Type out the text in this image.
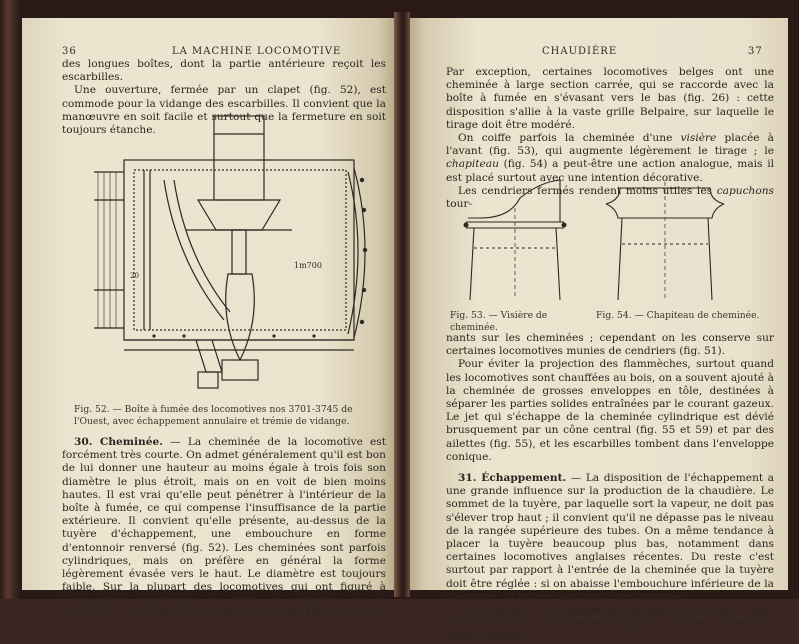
36	LA MACHINE LOCOMOTIVE

des longues boîtes, dont la partie antérieure reçoit les escarbilles.

Une ouverture, fermée par un clapet (fig. 52), est commode pour la vidange des escarbilles. Il convient que la manœuvre en soit facile et surtout que la fermeture en soit toujours étanche.

1m700
20
Fig. 52. — Boîte à fumée des locomotives nos 3701-3745 de l'Ouest, avec échappement annulaire et trémie de vidange.

30. Cheminée. — La cheminée de la locomotive est forcément très courte. On admet généralement qu'il est bon de lui donner une hauteur au moins égale à trois fois son diamètre le plus étroit, mais on en voit de bien moins hautes. Il est vrai qu'elle peut pénétrer à l'intérieur de la boîte à fumée, ce qui compense l'insuffisance de la partie extérieure. Il convient qu'elle présente, au-dessus de la tuyère d'échappement, une embouchure en forme d'entonnoir renversé (fig. 52). Les cheminées sont parfois cylindriques, mais on préfère en général la forme légèrement évasée vers le haut. Le diamètre est toujours faible. Sur la plupart des locomotives qui ont figuré à l'Exposition universelle de 1900, le diamètre de la cheminée, à la partie la plus étroite, était de 400 à 430 mm.

CHAUDIÈRE	37

Par exception, certaines locomotives belges ont une cheminée à large section carrée, qui se raccorde avec la boîte à fumée en s'évasant vers le bas (fig. 26) : cette disposition s'allie à la vaste grille Belpaire, sur laquelle le tirage doit être modéré.

On coiffe parfois la cheminée d'une visière placée à l'avant (fig. 53), qui augmente légèrement le tirage ; le chapiteau (fig. 54) a peut-être une action analogue, mais il est placé surtout avec une intention décorative.

Les cendriers fermés rendent moins utiles les capuchons tour-

Fig. 53. — Visière de cheminée.
Fig. 54. — Chapiteau de cheminée.

nants sur les cheminées ; cependant on les conserve sur certaines locomotives munies de cendriers (fig. 51).

Pour éviter la projection des flammèches, surtout quand les locomotives sont chauffées au bois, on a souvent ajouté à la cheminée de grosses enveloppes en tôle, destinées à séparer les parties solides entraînées par le courant gazeux. Le jet qui s'échappe de la cheminée cylindrique est dévié brusquement par un cône central (fig. 55 et 59) et par des ailettes (fig. 55), et les escarbilles tombent dans l'enveloppe conique.

31. Échappement. — La disposition de l'échappement a une grande influence sur la production de la chaudière. Le sommet de la tuyère, par laquelle sort la vapeur, ne doit pas s'élever trop haut ; il convient qu'il ne dépasse pas le niveau de la rangée supérieure des tubes. On a même tendance à placer la tuyère beaucoup plus bas, notamment dans certaines locomotives anglaises récentes. Du reste c'est surtout par rapport à l'entrée de la cheminée que la tuyère doit être réglée : si on abaisse l'embouchure inférieure de la cheminée, la tuyère doit aussi être abaissée.

Les conduits d'échappement doivent être tracés sans coudes brusques, et de manière que les courants venant des deux cylindres
